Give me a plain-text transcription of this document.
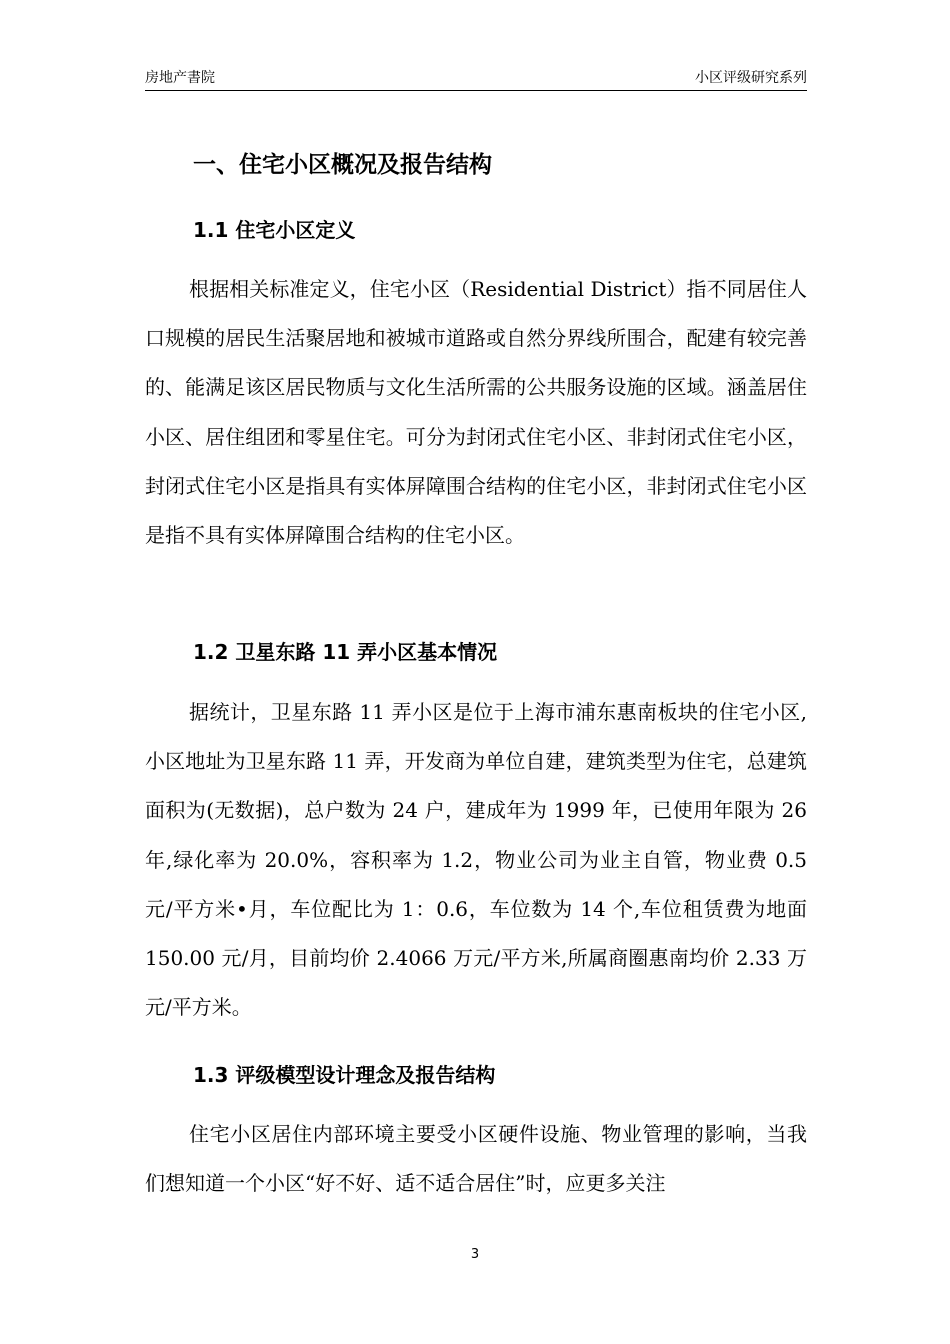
房地产書院	小区评级研究系列
一、住宅小区概况及报告结构
1.1 住宅小区定义

根据相关标准定义，住宅小区（Residential District）指不同居住人口规模的居民生活聚居地和被城市道路或自然分界线所围合，配建有较完善的、能满足该区居民物质与文化生活所需的公共服务设施的区域。涵盖居住小区、居住组团和零星住宅。可分为封闭式住宅小区、非封闭式住宅小区，封闭式住宅小区是指具有实体屏障围合结构的住宅小区，非封闭式住宅小区是指不具有实体屏障围合结构的住宅小区。

1.2 卫星东路 11 弄小区基本情况

据统计，卫星东路 11 弄小区是位于上海市浦东惠南板块的住宅小区,小区地址为卫星东路 11 弄，开发商为单位自建，建筑类型为住宅，总建筑面积为(无数据)，总户数为 24 户，建成年为 1999 年，已使用年限为 26 年,绿化率为 20.0%，容积率为 1.2，物业公司为业主自管，物业费 0.5 元/平方米•月，车位配比为 1：0.6，车位数为 14 个,车位租赁费为地面 150.00 元/月，目前均价 2.4066 万元/平方米,所属商圈惠南均价 2.33 万元/平方米。

1.3 评级模型设计理念及报告结构

住宅小区居住内部环境主要受小区硬件设施、物业管理的影响，当我们想知道一个小区“好不好、适不适合居住”时，应更多关注

3
